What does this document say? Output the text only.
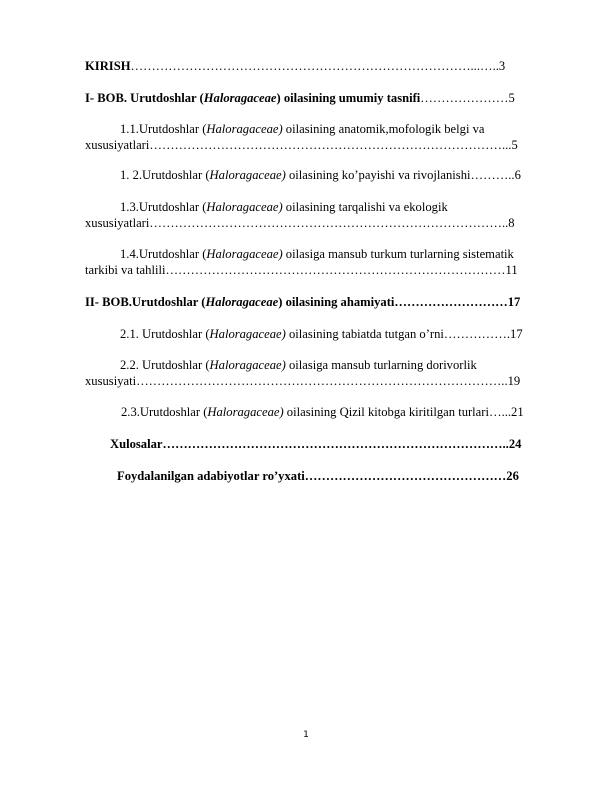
KIRISH………………………………………………………………………...…..3
I- BOB. Urutdoshlar (Haloragaceae) oilasining umumiy tasnifi…………………5
1.1.Urutdoshlar (Haloragaceae) oilasining anatomik,mofologik belgi va
xususiyatlari…………………………………………………………………………...5
1. 2.Urutdoshlar (Haloragaceae) oilasining ko’payishi va rivojlanishi………..6
1.3.Urutdoshlar (Haloragaceae) oilasining tarqalishi va ekologik
xususiyatlari…………………………………………………………………………..8
1.4.Urutdoshlar (Haloragaceae) oilasiga mansub turkum turlarning sistematik
tarkibi va tahlili………………………………………………………………………11
II- BOB.Urutdoshlar (Haloragaceae) oilasining ahamiyati………………………17
2.1. Urutdoshlar (Haloragaceae) oilasining tabiatda tutgan o’rni…………….17
2.2. Urutdoshlar (Haloragaceae) oilasiga mansub turlarning dorivorlik
xususiyati……………………………………………………………………………..19
2.3.Urutdoshlar (Haloragaceae) oilasining Qizil kitobga kiritilgan turlari…...21
Xulosalar………………………………………………………………………..24
Foydalanilgan adabiyotlar ro’yxati…………………………………………26
1
